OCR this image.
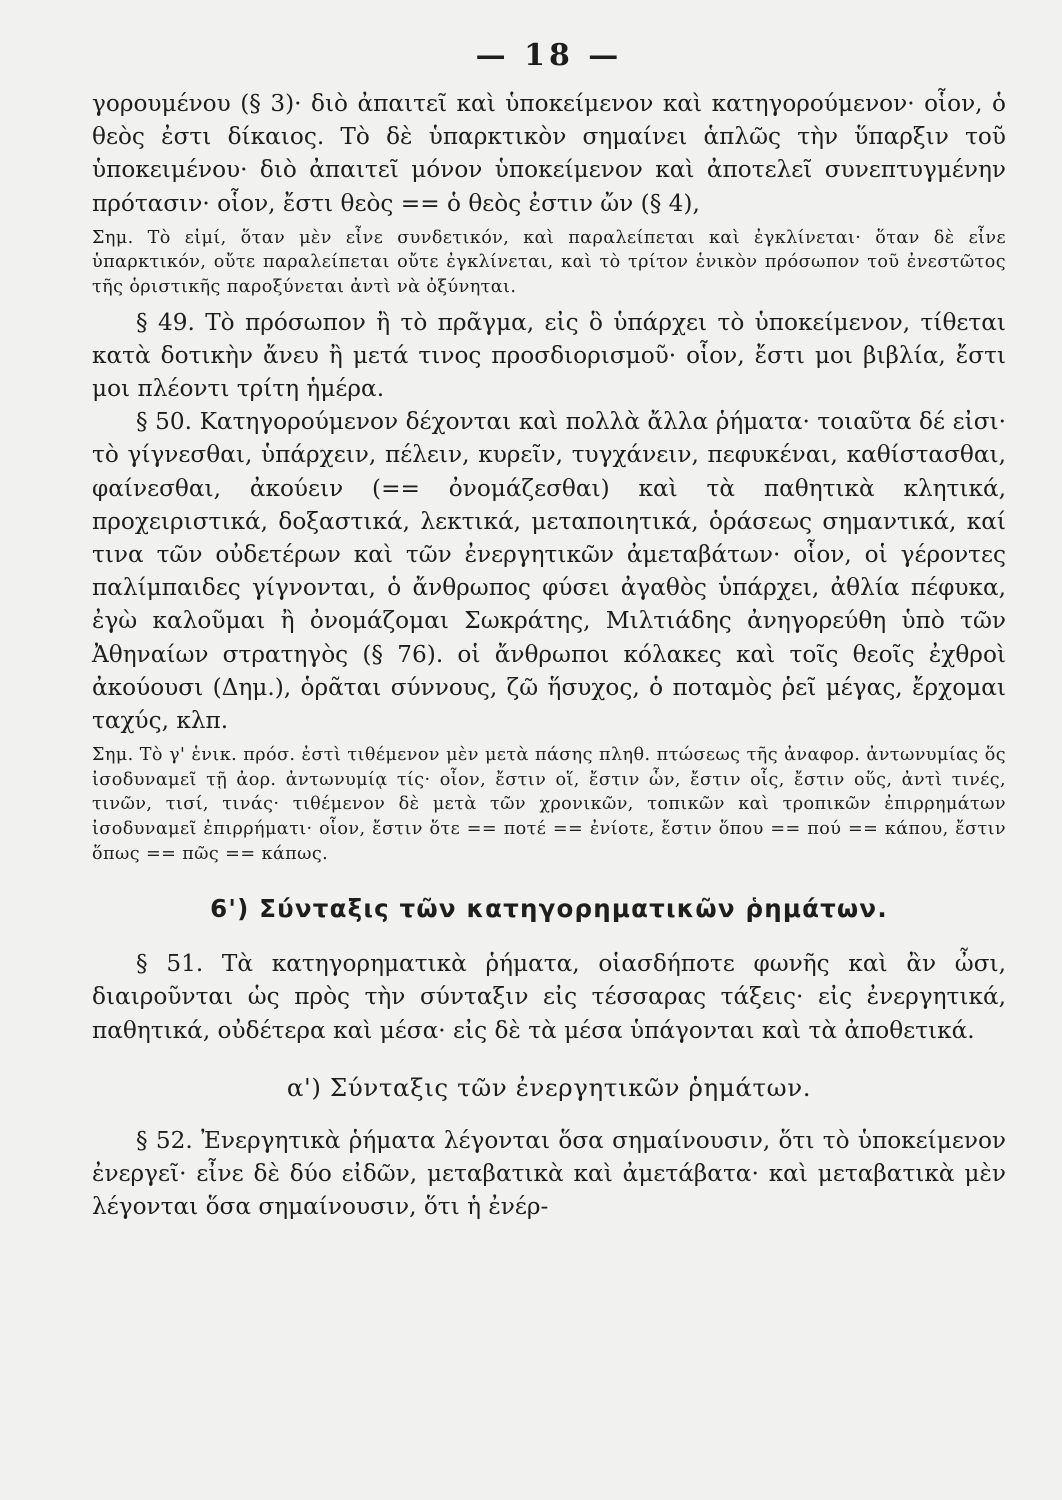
— 18 —

γορουμένου (§ 3)· διὸ ἀπαιτεῖ καὶ ὑποκείμενον καὶ κατηγορούμενον· οἷον, ὁ θεὸς ἐστι δίκαιος. Τὸ δὲ ὑπαρκτικὸν σημαίνει ἁπλῶς τὴν ὕπαρξιν τοῦ ὑποκειμένου· διὸ ἀπαιτεῖ μόνον ὑποκείμενον καὶ ἀποτελεῖ συνεπτυγμένην πρότασιν· οἷον, ἔστι θεὸς == ὁ θεὸς ἐστιν ὤν (§ 4),

Σημ. Τὸ εἰμί, ὅταν μὲν εἶνε συνδετικόν, καὶ παραλείπεται καὶ ἐγκλίνεται· ὅταν δὲ εἶνε ὑπαρκτικόν, οὔτε παραλείπεται οὔτε ἐγκλίνεται, καὶ τὸ τρίτον ἑνικὸν πρόσωπον τοῦ ἐνεστῶτος τῆς ὁριστικῆς παροξύνεται ἀντὶ νὰ ὀξύνηται.

§ 49. Τὸ πρόσωπον ἢ τὸ πρᾶγμα, εἰς ὃ ὑπάρχει τὸ ὑποκείμενον, τίθεται κατὰ δοτικὴν ἄνευ ἢ μετά τινος προσδιορισμοῦ· οἷον, ἔστι μοι βιβλία, ἔστι μοι πλέοντι τρίτη ἡμέρα.

§ 50. Κατηγορούμενον δέχονται καὶ πολλὰ ἄλλα ῥήματα· τοιαῦτα δέ εἰσι· τὸ γίγνεσθαι, ὑπάρχειν, πέλειν, κυρεῖν, τυγχάνειν, πεφυκέναι, καθίστασθαι, φαίνεσθαι, ἀκούειν (== ὀνομάζεσθαι) καὶ τὰ παθητικὰ κλητικά, προχειριστικά, δοξαστικά, λεκτικά, μεταποιητικά, ὁράσεως σημαντικά, καί τινα τῶν οὐδετέρων καὶ τῶν ἐνεργητικῶν ἀμεταβάτων· οἷον, οἱ γέροντες παλίμπαιδες γίγνονται, ὁ ἄνθρωπος φύσει ἀγαθὸς ὑπάρχει, ἀθλία πέφυκα, ἐγὼ καλοῦμαι ἢ ὀνομάζομαι Σωκράτης, Μιλτιάδης ἀνηγορεύθη ὑπὸ τῶν Ἀθηναίων στρατηγὸς (§ 76). οἱ ἄνθρωποι κόλακες καὶ τοῖς θεοῖς ἐχθροὶ ἀκούουσι (Δημ.), ὁρᾶται σύννους, ζῶ ἥσυχος, ὁ ποταμὸς ῥεῖ μέγας, ἔρχομαι ταχύς, κλπ.

Σημ. Τὸ γ' ἑνικ. πρόσ. ἐστὶ τιθέμενον μὲν μετὰ πάσης πληθ. πτώσεως τῆς ἀναφορ. ἀντωνυμίας ὅς ἰσοδυναμεῖ τῇ ἀορ. ἀντωνυμίᾳ τίς· οἷον, ἔστιν οἵ, ἔστιν ὧν, ἔστιν οἷς, ἔστιν οὕς, ἀντὶ τινές, τινῶν, τισί, τινάς· τιθέμενον δὲ μετὰ τῶν χρονικῶν, τοπικῶν καὶ τροπικῶν ἐπιρρημάτων ἰσοδυναμεῖ ἐπιρρήματι· οἷον, ἔστιν ὅτε == ποτέ == ἐνίοτε, ἔστιν ὅπου == πού == κάπου, ἔστιν ὅπως == πῶς == κάπως.

6') Σύνταξις τῶν κατηγορηματικῶν ῥημάτων.

§ 51. Τὰ κατηγορηματικὰ ῥήματα, οἱασδήποτε φωνῆς καὶ ἂν ὦσι, διαιροῦνται ὡς πρὸς τὴν σύνταξιν εἰς τέσσαρας τάξεις· εἰς ἐνεργητικά, παθητικά, οὐδέτερα καὶ μέσα· εἰς δὲ τὰ μέσα ὑπάγονται καὶ τὰ ἀποθετικά.

α') Σύνταξις τῶν ἐνεργητικῶν ῥημάτων.

§ 52. Ἐνεργητικὰ ῥήματα λέγονται ὅσα σημαίνουσιν, ὅτι τὸ ὑποκείμενον ἐνεργεῖ· εἶνε δὲ δύο εἰδῶν, μεταβατικὰ καὶ ἀμετάβατα· καὶ μεταβατικὰ μὲν λέγονται ὅσα σημαίνουσιν, ὅτι ἡ ἐνέρ-
